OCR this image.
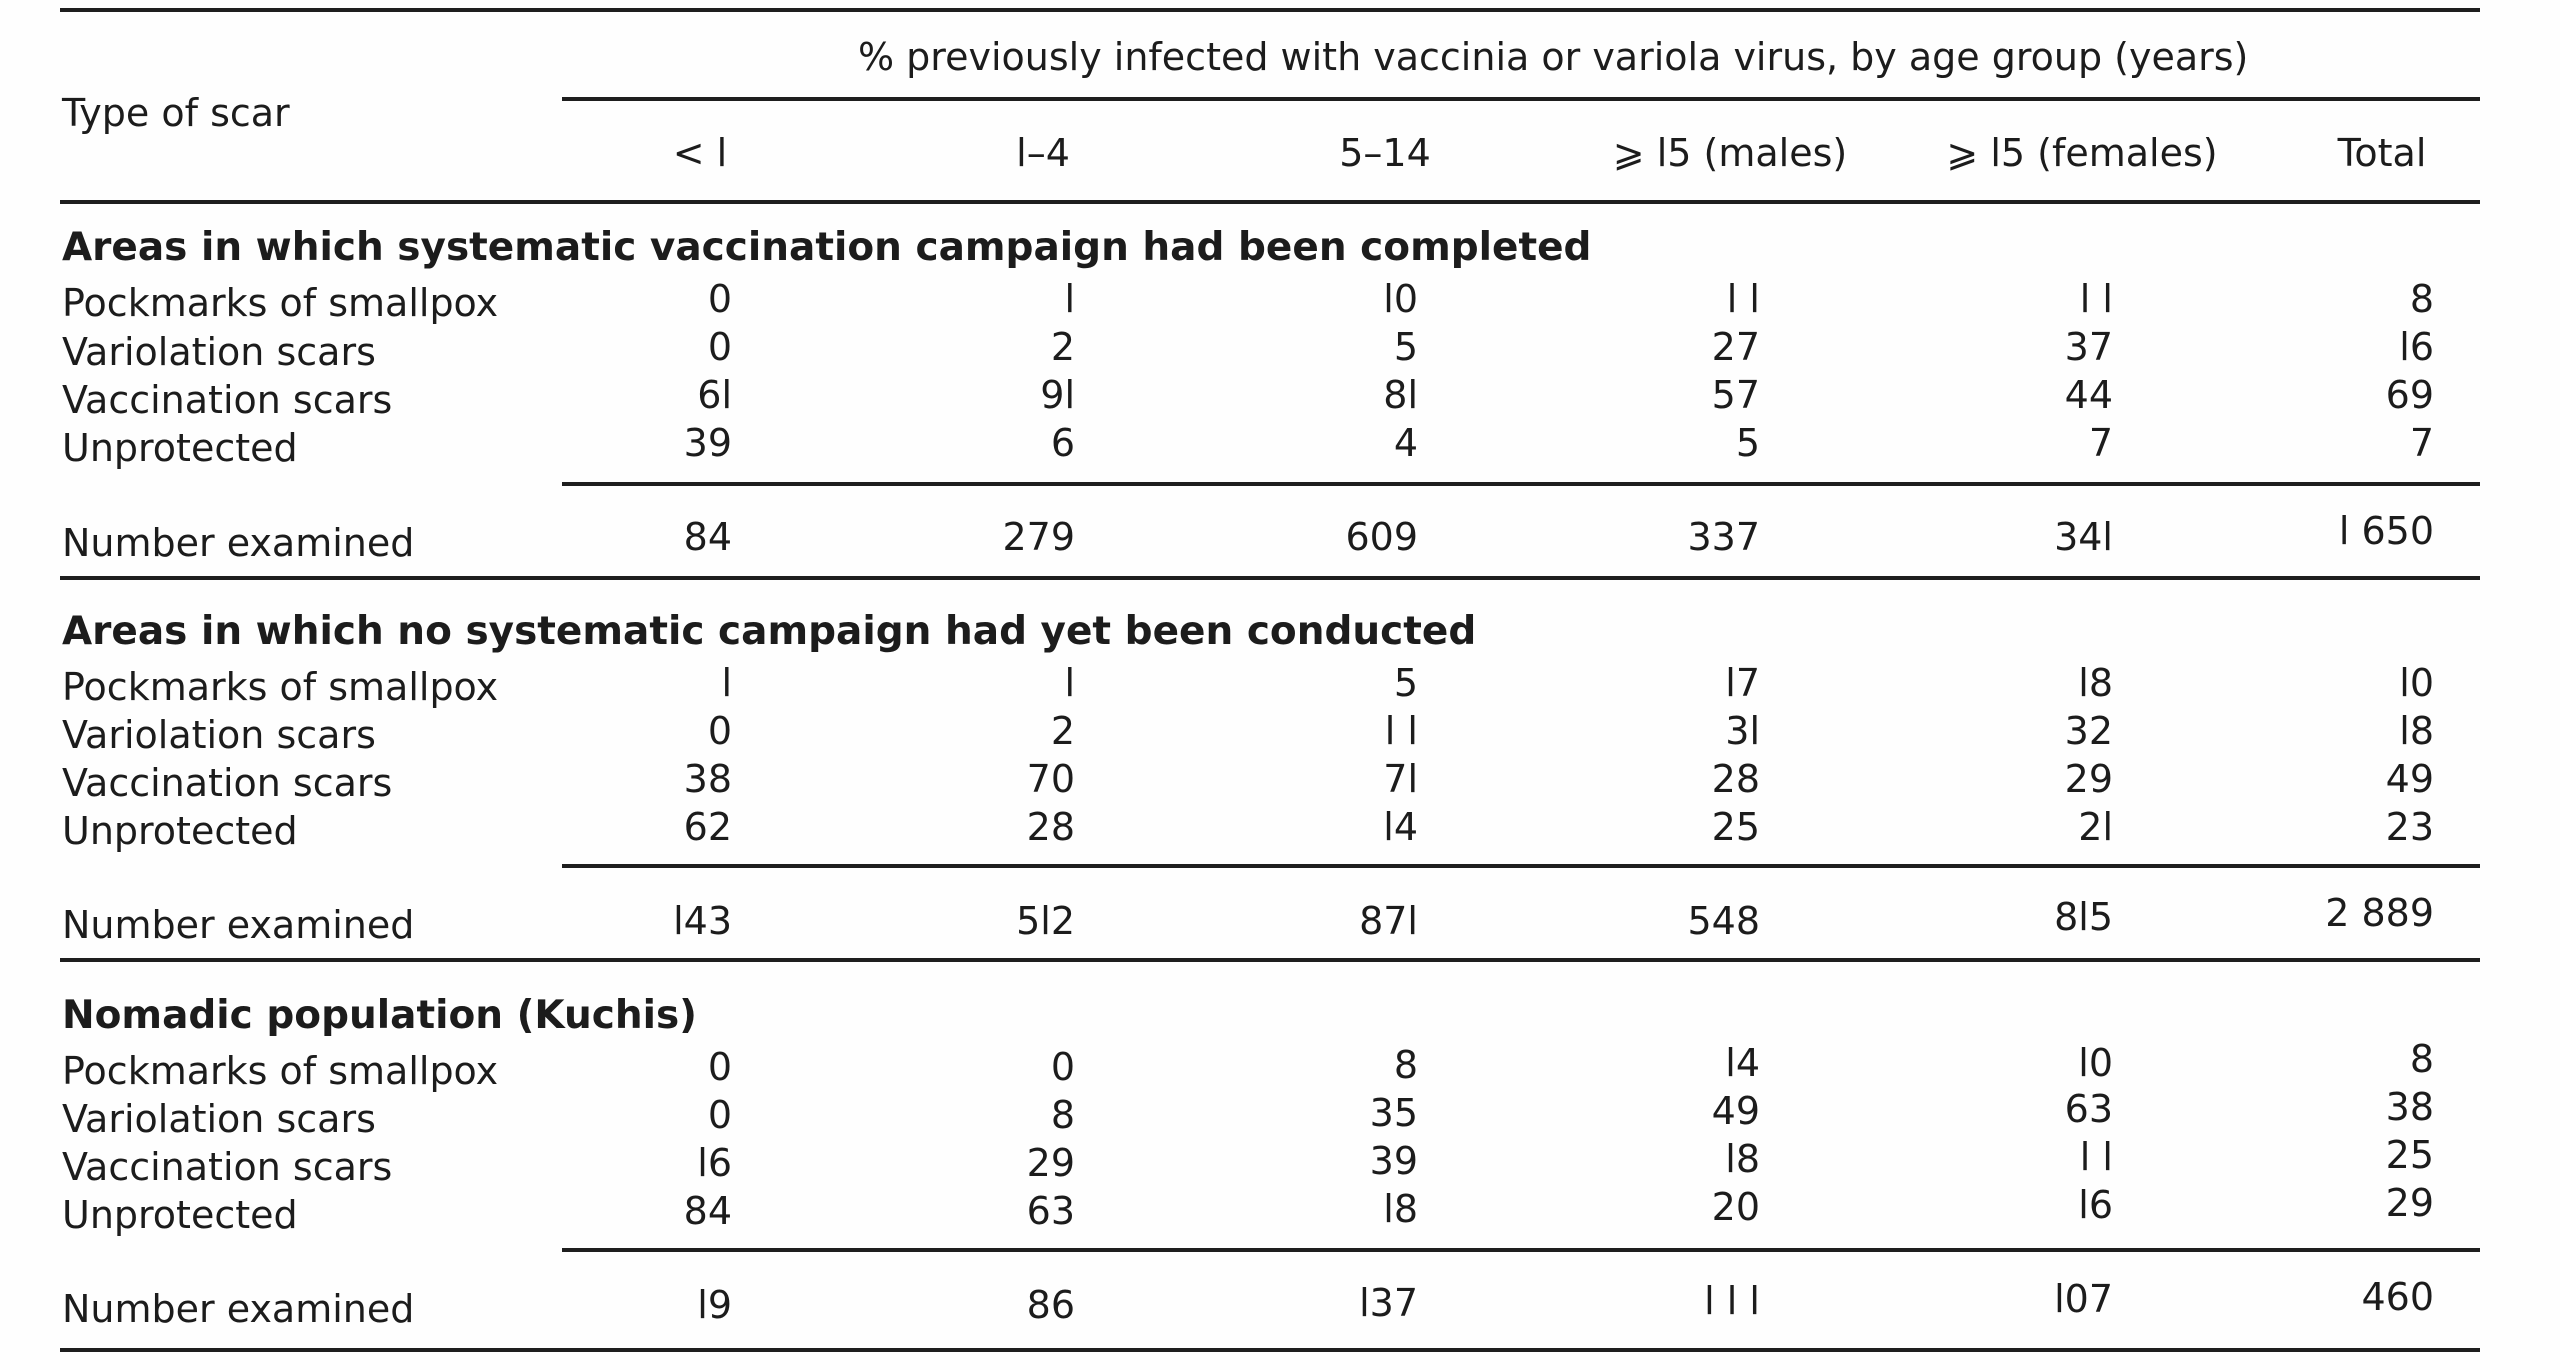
Type of scar
% previously infected with vaccinia or variola virus, by age group (years)
< l	l–4	5–14	⩾ l5 (males)	⩾ l5 (females)	Total
Areas in which systematic vaccination campaign had been completed
Pockmarks of smallpox	0	l	l0	l l	l l	8
Variolation scars	0	2	5	27	37	l6
Vaccination scars	6l	9l	8l	57	44	69
Unprotected	39	6	4	5	7	7
Number examined	84	279	609	337	34l	l 650
Areas in which no systematic campaign had yet been conducted
Pockmarks of smallpox	l	l	5	l7	l8	l0
Variolation scars	0	2	l l	3l	32	l8
Vaccination scars	38	70	7l	28	29	49
Unprotected	62	28	l4	25	2l	23
Number examined	l43	5l2	87l	548	8l5	2 889
Nomadic population (Kuchis)
Pockmarks of smallpox	0	0	8	l4	l0	8
Variolation scars	0	8	35	49	63	38
Vaccination scars	l6	29	39	l8	l l	25
Unprotected	84	63	l8	20	l6	29
Number examined	l9	86	l37	l l l	l07	460
